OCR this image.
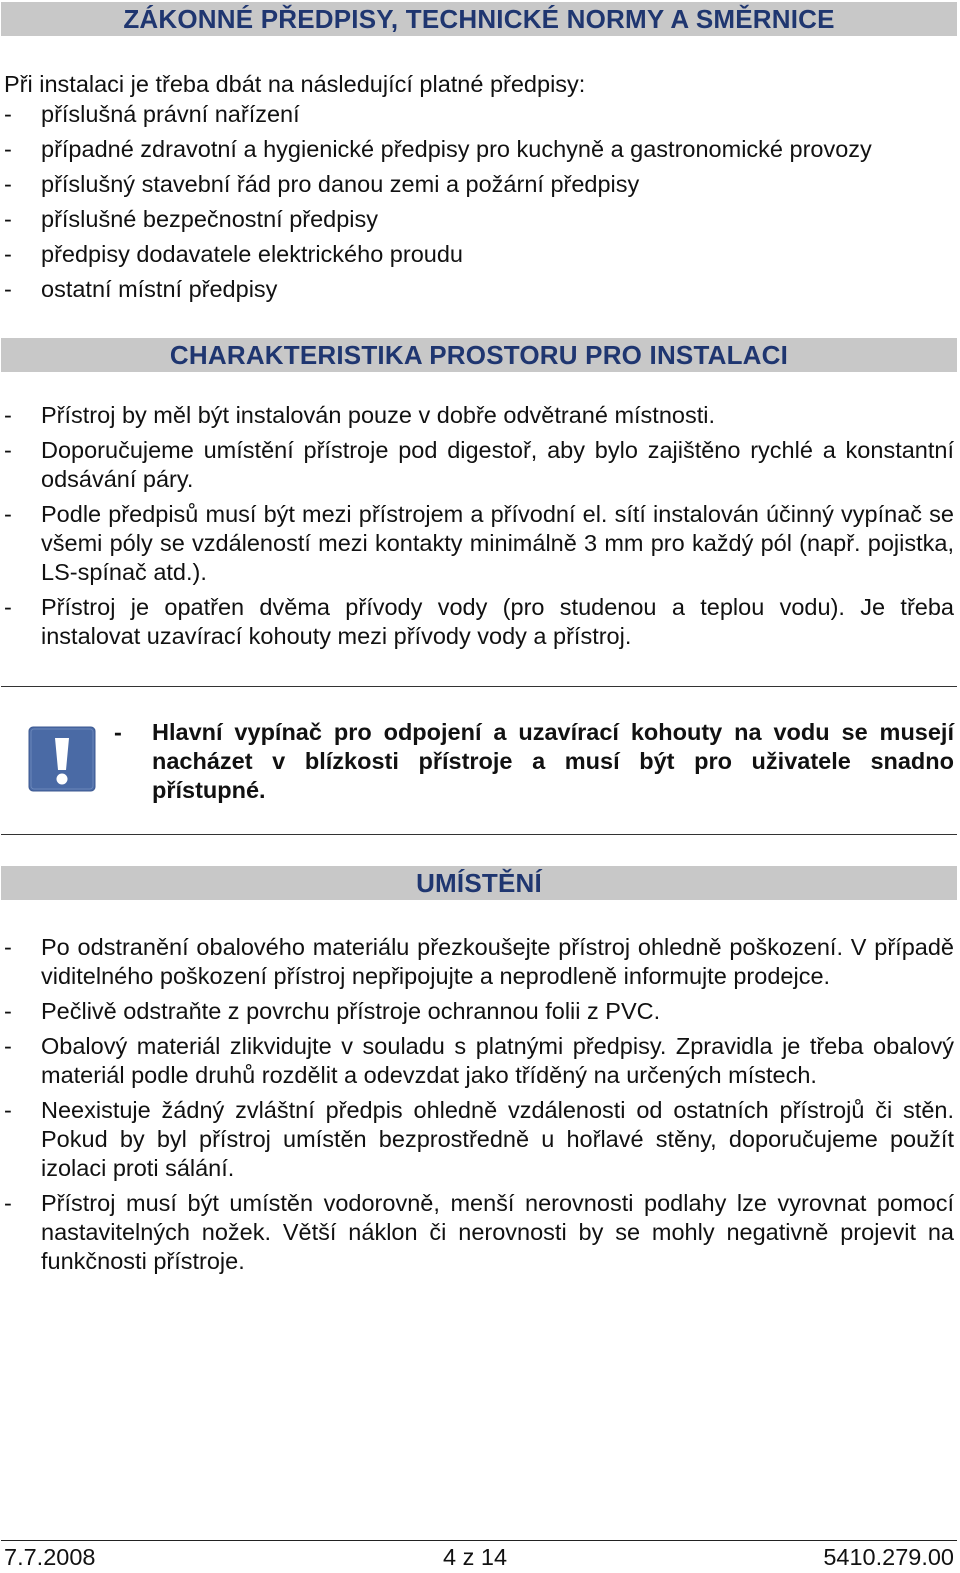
ZÁKONNÉ PŘEDPISY, TECHNICKÉ NORMY A SMĚRNICE
Při instalaci je třeba dbát na následující platné předpisy:
-	příslušná právní nařízení
-	případné zdravotní a hygienické předpisy pro kuchyně a gastronomické provozy
-	příslušný stavební řád pro danou zemi a požární předpisy
-	příslušné bezpečnostní předpisy
-	předpisy dodavatele elektrického proudu
-	ostatní místní předpisy
CHARAKTERISTIKA PROSTORU PRO INSTALACI
-	Přístroj by měl být instalován pouze v dobře odvětrané místnosti.
-	Doporučujeme umístění přístroje pod digestoř, aby bylo zajištěno rychlé a konstantní odsávání páry.
-	Podle předpisů musí být mezi přístrojem a přívodní el. sítí instalován účinný vypínač se všemi póly se vzdáleností mezi kontakty minimálně 3 mm pro každý pól (např. pojistka, LS-spínač atd.).
-	Přístroj je opatřen dvěma přívody vody (pro studenou a teplou vodu). Je třeba instalovat uzavírací kohouty mezi přívody vody a přístroj.
-	Hlavní vypínač pro odpojení a uzavírací kohouty na vodu se musejí nacházet v blízkosti přístroje a musí být pro uživatele snadno přístupné.
UMÍSTĚNÍ
-	Po odstranění obalového materiálu přezkoušejte přístroj ohledně poškození. V případě viditelného poškození přístroj nepřipojujte a neprodleně informujte prodejce.
-	Pečlivě odstraňte z povrchu přístroje ochrannou folii z PVC.
-	Obalový materiál zlikvidujte v souladu s platnými předpisy. Zpravidla je třeba obalový materiál podle druhů rozdělit a odevzdat jako tříděný na určených místech.
-	Neexistuje žádný zvláštní předpis ohledně vzdálenosti od ostatních přístrojů či stěn. Pokud by byl přístroj umístěn bezprostředně u hořlavé stěny, doporučujeme použít izolaci proti sálání.
-	Přístroj musí být umístěn vodorovně, menší nerovnosti podlahy lze vyrovnat pomocí nastavitelných nožek. Větší náklon či nerovnosti by se mohly negativně projevit na funkčnosti přístroje.
7.7.2008	4 z 14	5410.279.00
